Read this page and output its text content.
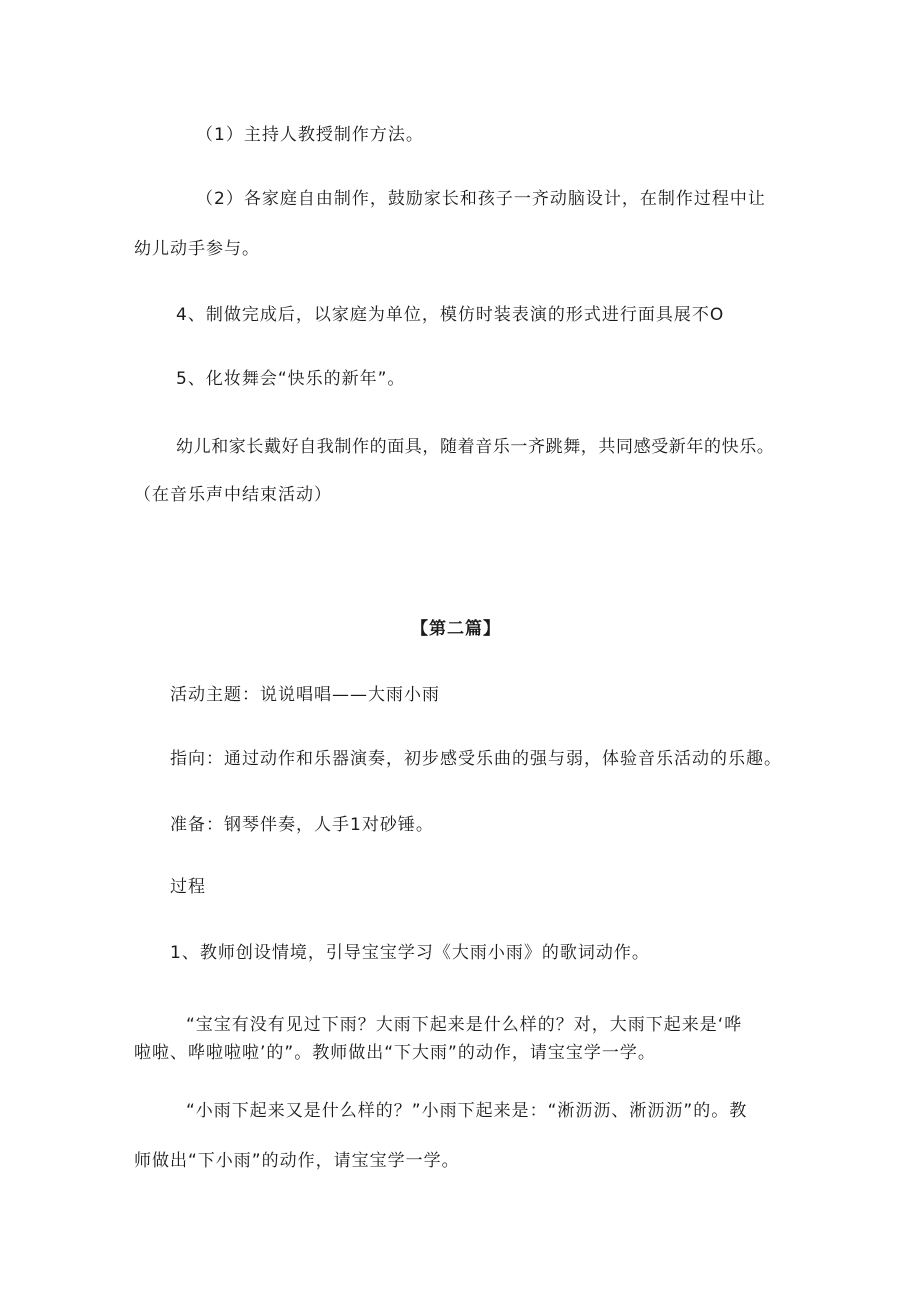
（1）主持人教授制作方法。
（2）各家庭自由制作，鼓励家长和孩子一齐动脑设计，在制作过程中让
幼儿动手参与。
4、制做完成后，以家庭为单位，模仿时装表演的形式进行面具展不O
5、化妆舞会“快乐的新年”。
幼儿和家长戴好自我制作的面具，随着音乐一齐跳舞，共同感受新年的快乐。
（在音乐声中结束活动）
【第二篇】
活动主题：说说唱唱——大雨小雨
指向：通过动作和乐器演奏，初步感受乐曲的强与弱，体验音乐活动的乐趣。
准备：钢琴伴奏，人手1对砂锤。
过程
1、教师创设情境，引导宝宝学习《大雨小雨》的歌词动作。
“宝宝有没有见过下雨？大雨下起来是什么样的？对，大雨下起来是‘哗
啦啦、哗啦啦啦’的”。教师做出“下大雨”的动作，请宝宝学一学。
“小雨下起来又是什么样的？”小雨下起来是：“淅沥沥、淅沥沥”的。教
师做出“下小雨”的动作，请宝宝学一学。
